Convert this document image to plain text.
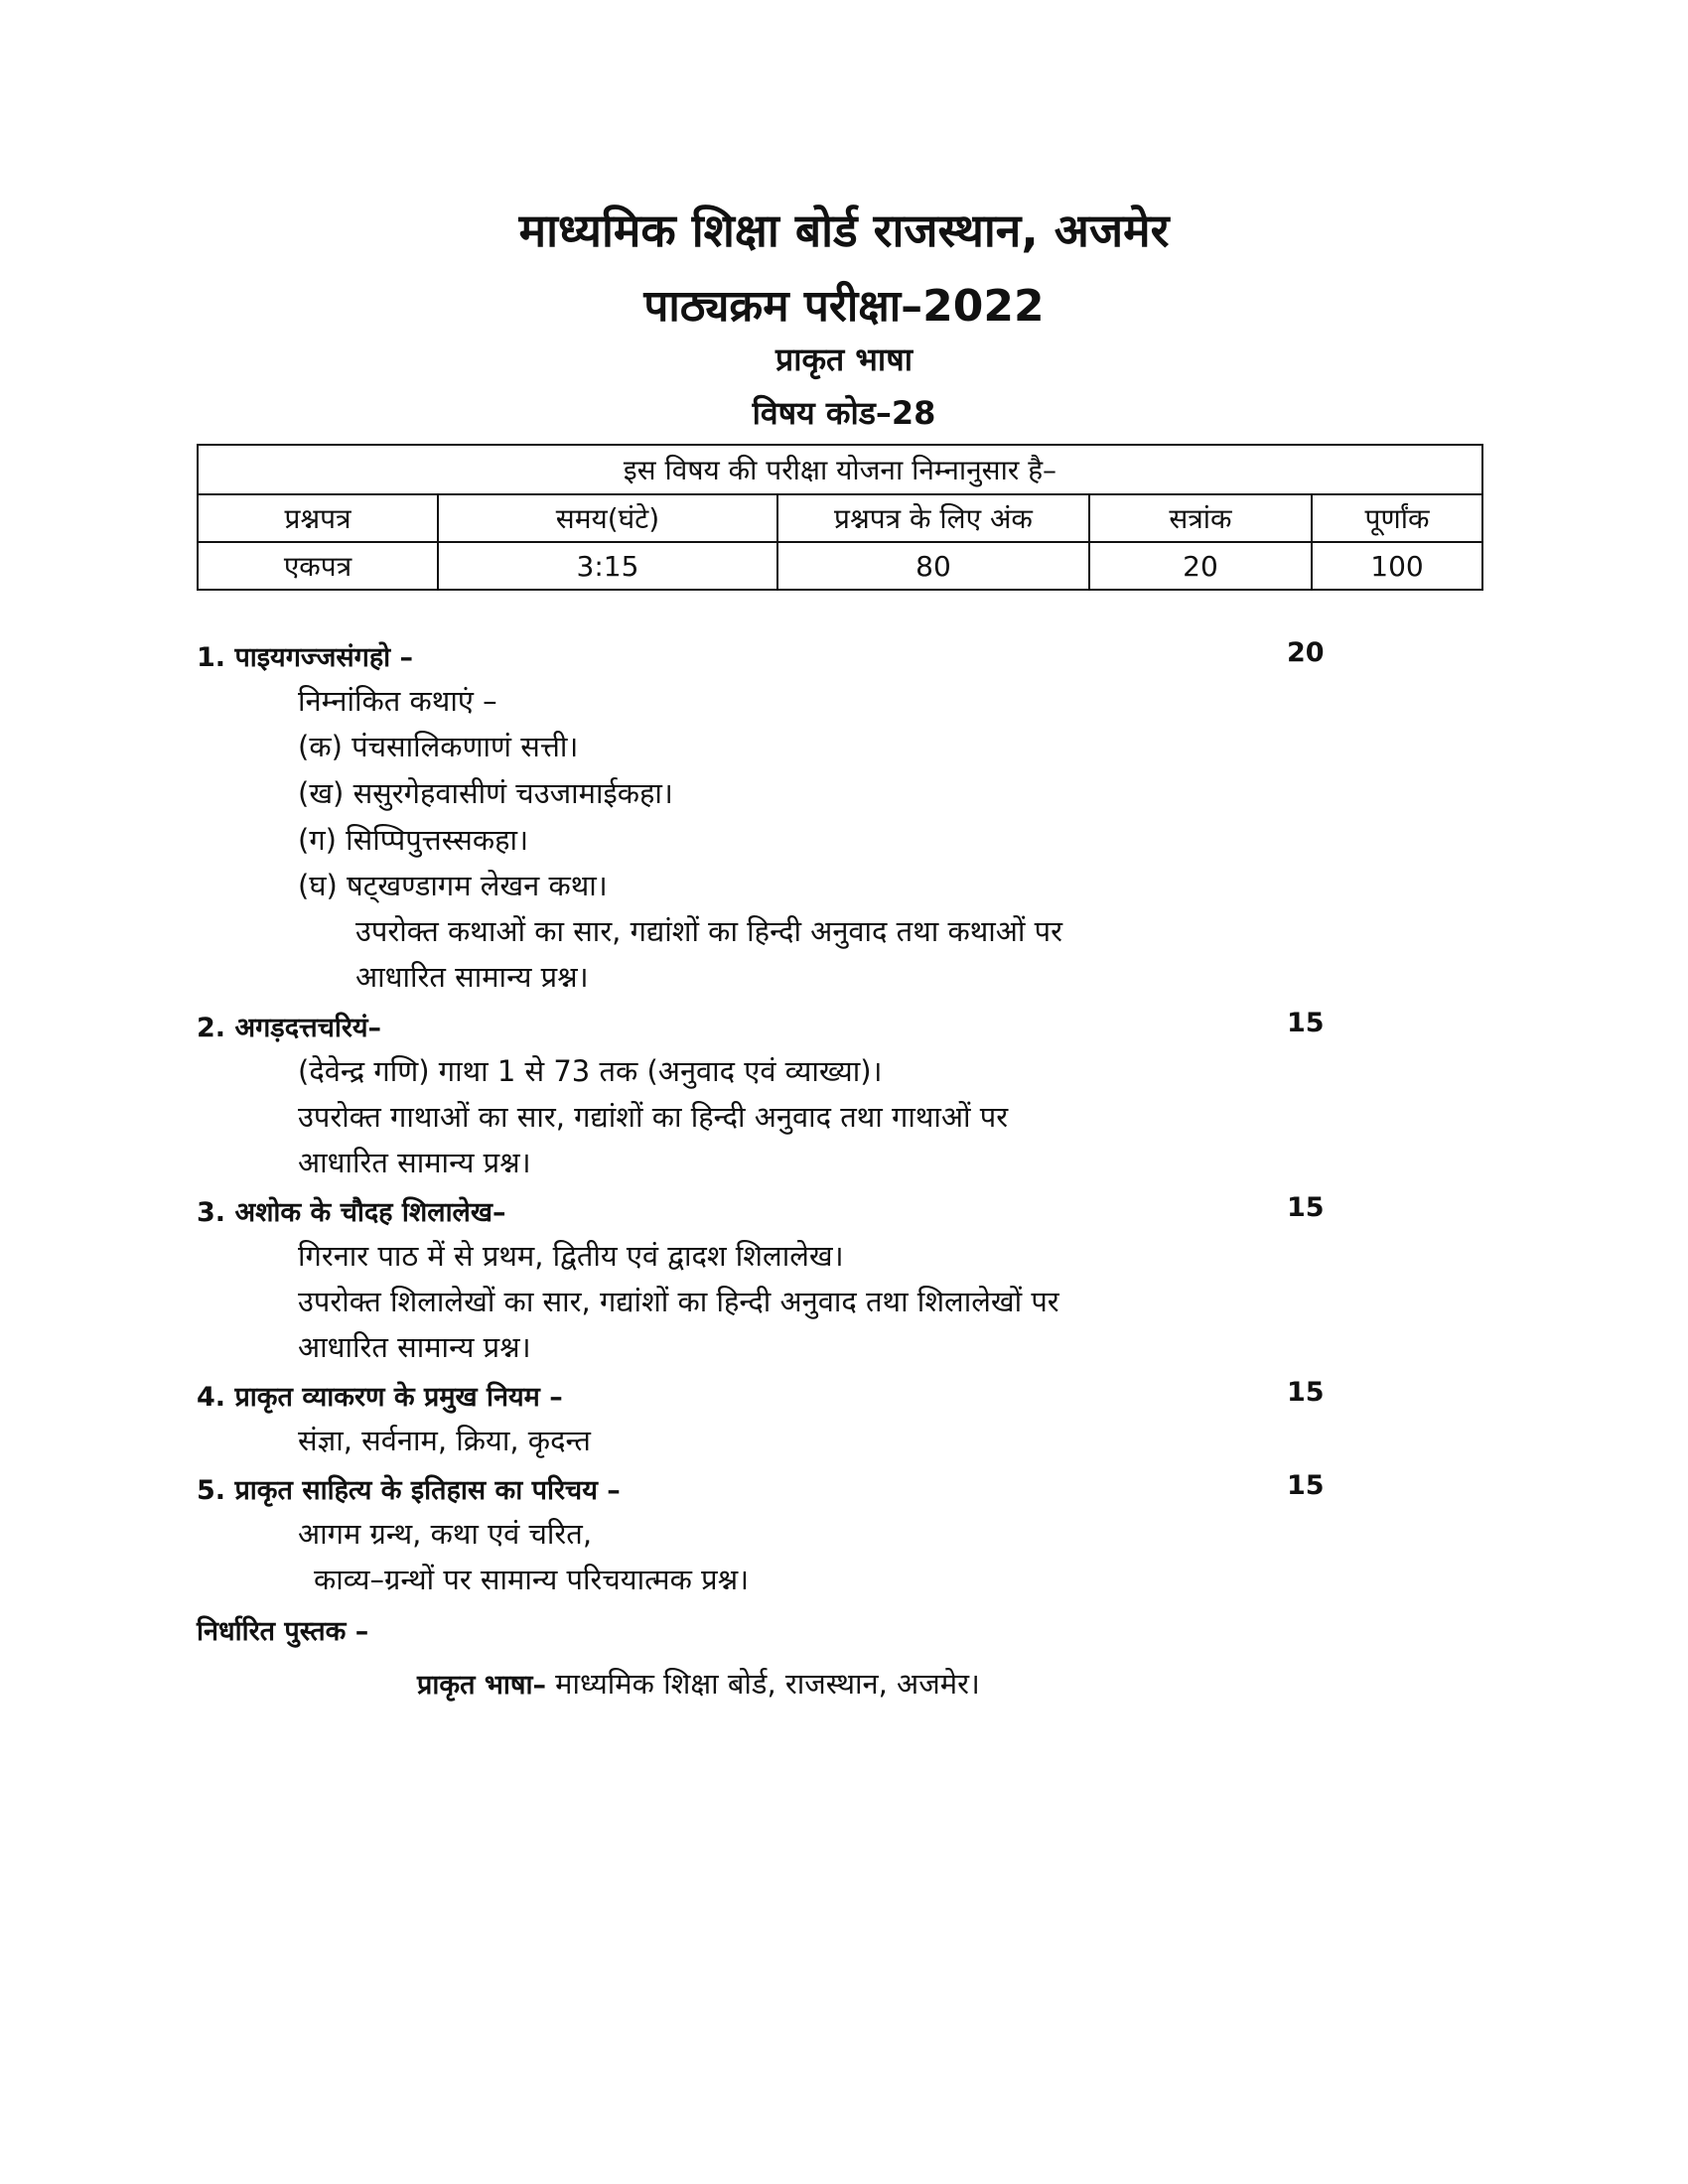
माध्यमिक शिक्षा बोर्ड राजस्थान, अजमेर
पाठ्यक्रम परीक्षा–2022
प्राकृत भाषा
विषय कोड–28
इस विषय की परीक्षा योजना निम्नानुसार है–				
प्रश्नपत्र	समय(घंटे)	प्रश्नपत्र के लिए अंक	सत्रांक	पूर्णांक
एकपत्र	3:15	80	20	100
1. पाइयगज्जसंगहो –	20
निम्नांकित कथाएं –
(क) पंचसालिकणाणं सत्ती।
(ख) ससुरगेहवासीणं चउजामाईकहा।
(ग) सिप्पिपुत्तस्सकहा।
(घ) षट्खण्डागम लेखन कथा।
उपरोक्त कथाओं का सार, गद्यांशों का हिन्दी अनुवाद तथा कथाओं पर
आधारित सामान्य प्रश्न।
2. अगड़दत्तचरियं–	15
(देवेन्द्र गणि) गाथा 1 से 73 तक (अनुवाद एवं व्याख्या)।
उपरोक्त गाथाओं का सार, गद्यांशों का हिन्दी अनुवाद तथा गाथाओं पर
आधारित सामान्य प्रश्न।
3. अशोक के चौदह शिलालेख–	15
गिरनार पाठ में से प्रथम, द्वितीय एवं द्वादश शिलालेख।
उपरोक्त शिलालेखों का सार, गद्यांशों का हिन्दी अनुवाद तथा शिलालेखों पर
आधारित सामान्य प्रश्न।
4. प्राकृत व्याकरण के प्रमुख नियम –	15
संज्ञा, सर्वनाम, क्रिया, कृदन्त
5. प्राकृत साहित्य के इतिहास का परिचय –	15
आगम ग्रन्थ, कथा एवं चरित,
काव्य–ग्रन्थों पर सामान्य परिचयात्मक प्रश्न।
निर्धारित पुस्तक –
प्राकृत भाषा– माध्यमिक शिक्षा बोर्ड, राजस्थान, अजमेर।
